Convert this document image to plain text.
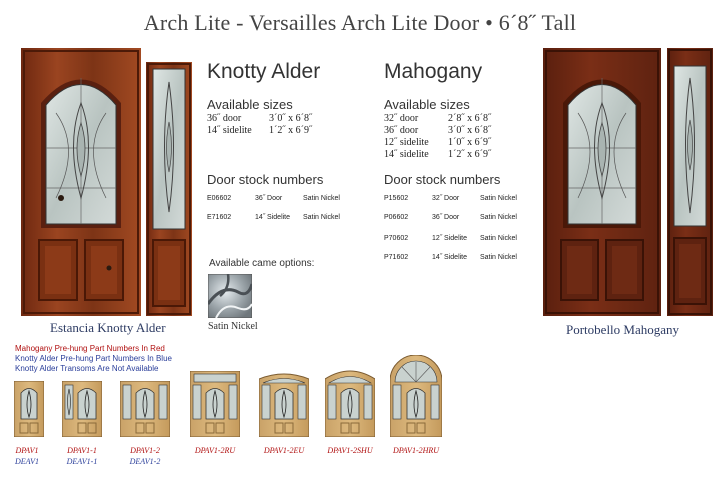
Arch Lite - Versailles Arch Lite Door • 6´8˝ Tall
Estancia Knotty Alder
Knotty Alder
Available sizes
36˝ door	3´0˝ x 6´8˝
14˝ sidelite 1´2˝ x 6´9˝
Door stock numbers
E06602	36˝ Door	Satin Nickel
E71602	14˝ Sidelite Satin Nickel
Available came options:
Satin Nickel
Mahogany
Available sizes
32˝ door	2´8˝ x 6´8˝
36˝ door	3´0˝ x 6´8˝
12˝ sidelite 1´0˝ x 6´9˝
14˝ sidelite 1´2˝ x 6´9˝
Door stock numbers
P15602	32˝ Door	Satin Nickel
P06602	36˝ Door	Satin Nickel
P70602	12˝ Sidelite Satin Nickel
P71602	14˝ Sidelite Satin Nickel
Portobello Mahogany
Mahogany Pre-hung Part Numbers In Red
Knotty Alder Pre-hung Part Numbers In Blue
Knotty Alder Transoms Are Not Available
DPAV1
DEAV1
DPAV1-1
DEAV1-1
DPAV1-2
DEAV1-2
DPAV1-2RU	DPAV1-2EU	DPAV1-2SHU	DPAV1-2HRU
